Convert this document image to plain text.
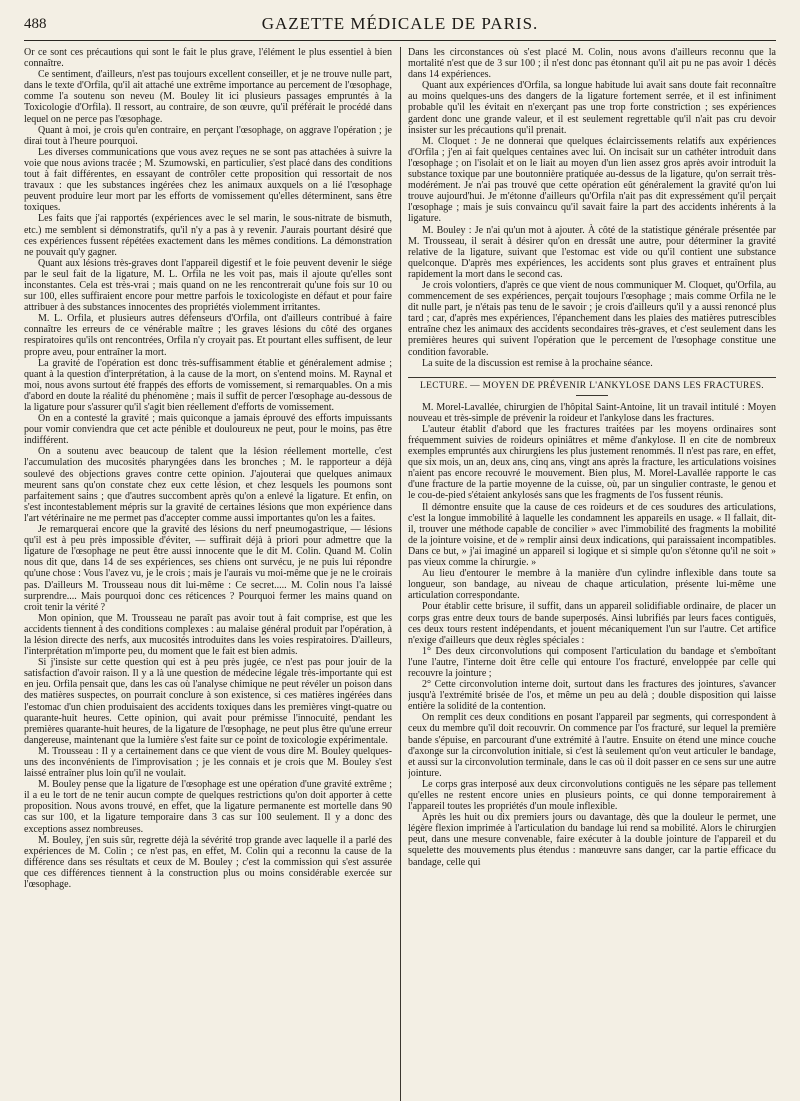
488	GAZETTE MÉDICALE DE PARIS.

Or ce sont ces précautions qui sont le fait le plus grave, l'élément le plus essentiel à bien connaître.

Ce sentiment, d'ailleurs, n'est pas toujours excellent conseiller, et je ne trouve nulle part, dans le texte d'Orfila, qu'il ait attaché une extrême importance au percement de l'œsophage, comme l'a soutenu son neveu (M. Bouley lit ici plusieurs passages empruntés à la Toxicologie d'Orfila). Il ressort, au contraire, de son œuvre, qu'il préférait le procédé dans lequel on ne perce pas l'œsophage.

Quant à moi, je crois qu'en contraire, en perçant l'œsophage, on aggrave l'opération ; je dirai tout à l'heure pourquoi.

Les diverses communications que vous avez reçues ne se sont pas attachées à suivre la voie que nous avions tracée ; M. Szumowski, en particulier, s'est placé dans des conditions tout à fait différentes, en essayant de contrôler cette proposition qui ressortait de nos travaux : que les substances ingérées chez les animaux auxquels on a lié l'œsophage peuvent produire leur mort par les efforts de vomissement qu'elles déterminent, sans être toxiques.

Les faits que j'ai rapportés (expériences avec le sel marin, le sous-nitrate de bismuth, etc.) me semblent si démonstratifs, qu'il n'y a pas à y revenir. J'aurais pourtant désiré que ces expériences fussent répétées exactement dans les mêmes conditions. La démonstration ne pouvait qu'y gagner.

Quant aux lésions très-graves dont l'appareil digestif et le foie peuvent devenir le siége par le seul fait de la ligature, M. L. Orfila ne les voit pas, mais il ajoute qu'elles sont inconstantes. Cela est très-vrai ; mais quand on ne les rencontrerait qu'une fois sur 10 ou sur 100, elles suffiraient encore pour mettre parfois le toxicologiste en défaut et pour faire attribuer à des substances innocentes des propriétés violemment irritantes.

M. L. Orfila, et plusieurs autres défenseurs d'Orfila, ont d'ailleurs contribué à faire connaître les erreurs de ce vénérable maître ; les graves lésions du côté des organes respiratoires qu'ils ont rencontrées, Orfila n'y croyait pas. Et pourtant elles suffisent, de leur propre aveu, pour entraîner la mort.

La gravité de l'opération est donc très-suffisamment établie et généralement admise ; quant à la question d'interprétation, à la cause de la mort, on s'entend moins. M. Raynal et moi, nous avons surtout été frappés des efforts de vomissement, si remarquables. On a mis d'abord en doute la réalité du phénomène ; mais il suffit de percer l'œsophage au-dessous de la ligature pour s'assurer qu'il s'agit bien réellement d'efforts de vomissement.

On en a contesté la gravité ; mais quiconque a jamais éprouvé des efforts impuissants pour vomir conviendra que cet acte pénible et douloureux ne peut, pour le moins, pas être indifférent.

On a soutenu avec beaucoup de talent que la lésion réellement mortelle, c'est l'accumulation des mucosités pharyngées dans les bronches ; M. le rapporteur a déjà soulevé des objections graves contre cette opinion. J'ajouterai que quelques animaux meurent sans qu'on constate chez eux cette lésion, et chez lesquels les poumons sont parfaitement sains ; que d'autres succombent après qu'on a enlevé la ligature. Et enfin, on s'est incontestablement mépris sur la gravité de certaines lésions que mon expérience dans l'art vétérinaire ne me permet pas d'accepter comme aussi importantes qu'on les a faites.

Je remarquerai encore que la gravité des lésions du nerf pneumogastrique, — lésions qu'il est à peu près impossible d'éviter, — suffirait déjà à priori pour admettre que la ligature de l'œsophage ne peut être aussi innocente que le dit M. Colin. Quand M. Colin nous dit que, dans 14 de ses expériences, ses chiens ont survécu, je ne puis lui répondre qu'une chose : Vous l'avez vu, je le crois ; mais je l'aurais vu moi-même que je ne le croirais pas. D'ailleurs M. Trousseau nous dit lui-même : Ce secret..... M. Colin nous l'a laissé surprendre.... Mais pourquoi donc ces réticences ? Pourquoi fermer les mains quand on croit tenir la vérité ?

Mon opinion, que M. Trousseau ne paraît pas avoir tout à fait comprise, est que les accidents tiennent à des conditions complexes : au malaise général produit par l'opération, à la lésion directe des nerfs, aux mucosités introduites dans les voies respiratoires. D'ailleurs, l'interprétation m'importe peu, du moment que le fait est bien admis.

Si j'insiste sur cette question qui est à peu près jugée, ce n'est pas pour jouir de la satisfaction d'avoir raison. Il y a là une question de médecine légale très-importante qui est en jeu. Orfila pensait que, dans les cas où l'analyse chimique ne peut révéler un poison dans des matières suspectes, on pourrait conclure à son existence, si ces matières ingérées dans l'estomac d'un chien produisaient des accidents toxiques dans les premières vingt-quatre ou quarante-huit heures. Cette opinion, qui avait pour prémisse l'innocuité, pendant les premières quarante-huit heures, de la ligature de l'œsophage, ne peut plus être qu'une erreur dangereuse, maintenant que la lumière s'est faite sur ce point de toxicologie expérimentale.

M. Trousseau : Il y a certainement dans ce que vient de vous dire M. Bouley quelques-uns des inconvénients de l'improvisation ; je les connais et je crois que M. Bouley s'est laissé entraîner plus loin qu'il ne voulait.

M. Bouley pense que la ligature de l'œsophage est une opération d'une gravité extrême ; il a eu le tort de ne tenir aucun compte de quelques restrictions qu'on doit apporter à cette proposition. Nous avons trouvé, en effet, que la ligature permanente est mortelle dans 90 cas sur 100, et la ligature temporaire dans 3 cas sur 100 seulement. Il y a donc des exceptions assez nombreuses.

M. Bouley, j'en suis sûr, regrette déjà la sévérité trop grande avec laquelle il a parlé des expériences de M. Colin ; ce n'est pas, en effet, M. Colin qui a reconnu la cause de la différence dans ses résultats et ceux de M. Bouley ; c'est la commission qui s'est assurée que ces différences tiennent à la construction plus ou moins considérable exercée sur l'œsophage.

Dans les circonstances où s'est placé M. Colin, nous avons d'ailleurs reconnu que la mortalité n'est que de 3 sur 100 ; il n'est donc pas étonnant qu'il ait pu ne pas avoir 1 décès dans 14 expériences.

Quant aux expériences d'Orfila, sa longue habitude lui avait sans doute fait reconnaître au moins quelques-uns des dangers de la ligature fortement serrée, et il est infiniment probable qu'il les évitait en n'exerçant pas une trop forte constriction ; ses expériences gardent donc une grande valeur, et il est seulement regrettable qu'il n'ait pas cru devoir insister sur les précautions qu'il prenait.

M. Cloquet : Je ne donnerai que quelques éclaircissements relatifs aux expériences d'Orfila ; j'en ai fait quelques centaines avec lui. On incisait sur un cathéter introduit dans l'œsophage ; on l'isolait et on le liait au moyen d'un lien assez gros après avoir introduit la substance toxique par une boutonnière pratiquée au-dessus de la ligature, qu'on serrait très-modérément. Je n'ai pas trouvé que cette opération eût généralement la gravité qu'on lui trouve aujourd'hui. Je m'étonne d'ailleurs qu'Orfila n'ait pas dit expressément qu'il perçait l'œsophage ; mais je suis convaincu qu'il savait faire la part des accidents inhérents à la ligature.

M. Bouley : Je n'ai qu'un mot à ajouter. À côté de la statistique générale présentée par M. Trousseau, il serait à désirer qu'on en dressât une autre, pour déterminer la gravité relative de la ligature, suivant que l'estomac est vide ou qu'il contient une substance quelconque. D'après mes expériences, les accidents sont plus graves et entraînent plus rapidement la mort dans le second cas.

Je crois volontiers, d'après ce que vient de nous communiquer M. Cloquet, qu'Orfila, au commencement de ses expériences, perçait toujours l'œsophage ; mais comme Orfila ne le dit nulle part, je n'étais pas tenu de le savoir ; je crois d'ailleurs qu'il y a aussi renoncé plus tard ; car, d'après mes expériences, l'épanchement dans les plaies des matières putrescibles entraîne chez les animaux des accidents secondaires très-graves, et c'est seulement dans les premières heures qui suivent l'opération que le percement de l'œsophage constitue une condition favorable.

La suite de la discussion est remise à la prochaine séance.

LECTURE. — MOYEN DE PRÉVENIR L'ANKYLOSE DANS LES FRACTURES.

M. Morel-Lavallée, chirurgien de l'hôpital Saint-Antoine, lit un travail intitulé : Moyen nouveau et très-simple de prévenir la roideur et l'ankylose dans les fractures.

L'auteur établit d'abord que les fractures traitées par les moyens ordinaires sont fréquemment suivies de roideurs opiniâtres et même d'ankylose. Il en cite de nombreux exemples empruntés aux chirurgiens les plus justement renommés. Il n'est pas rare, en effet, que six mois, un an, deux ans, cinq ans, vingt ans après la fracture, les articulations voisines n'aient pas encore recouvré le mouvement. Bien plus, M. Morel-Lavallée rapporte le cas d'une fracture de la partie moyenne de la cuisse, où, par un singulier contraste, le genou et le cou-de-pied s'étaient ankylosés sans que les fragments de l'os fussent réunis.

Il démontre ensuite que la cause de ces roideurs et de ces soudures des articulations, c'est la longue immobilité à laquelle les condamnent les appareils en usage. « Il fallait, dit-il, trouver une méthode capable de concilier » avec l'immobilité des fragments la mobilité de la jointure voisine, et de » remplir ainsi deux indications, qui paraissaient incompatibles. Dans ce but, » j'ai imaginé un appareil si logique et si simple qu'on s'étonne qu'il ne soit » pas vieux comme la chirurgie. »

Au lieu d'entourer le membre à la manière d'un cylindre inflexible dans toute sa longueur, son bandage, au niveau de chaque articulation, présente lui-même une articulation correspondante.

Pour établir cette brisure, il suffit, dans un appareil solidifiable ordinaire, de placer un corps gras entre deux tours de bande superposés. Ainsi lubrifiés par leurs faces contiguës, ces deux tours restent indépendants, et jouent mécaniquement l'un sur l'autre. Cet artifice n'exige d'ailleurs que deux règles spéciales :

1° Des deux circonvolutions qui composent l'articulation du bandage et s'emboîtant l'une l'autre, l'interne doit être celle qui entoure l'os fracturé, enveloppée par celle qui recouvre la jointure ;

2° Cette circonvolution interne doit, surtout dans les fractures des jointures, s'avancer jusqu'à l'extrémité brisée de l'os, et même un peu au delà ; double disposition qui laisse entière la solidité de la contention.

On remplit ces deux conditions en posant l'appareil par segments, qui correspondent à ceux du membre qu'il doit recouvrir. On commence par l'os fracturé, sur lequel la première bande s'épuise, en parcourant d'une extrémité à l'autre. Ensuite on étend une mince couche d'axonge sur la circonvolution initiale, si c'est là seulement qu'on veut articuler le bandage, et aussi sur la circonvolution terminale, dans le cas où il doit passer en ce sens sur une autre jointure.

Le corps gras interposé aux deux circonvolutions contiguës ne les sépare pas tellement qu'elles ne restent encore unies en plusieurs points, ce qui donne temporairement à l'appareil toutes les propriétés d'un moule inflexible.

Après les huit ou dix premiers jours ou davantage, dès que la douleur le permet, une légère flexion imprimée à l'articulation du bandage lui rend sa mobilité. Alors le chirurgien peut, dans une mesure convenable, faire exécuter à la double jointure de l'appareil et du squelette des mouvements plus étendus : manœuvre sans danger, car la partie efficace du bandage, celle qui
